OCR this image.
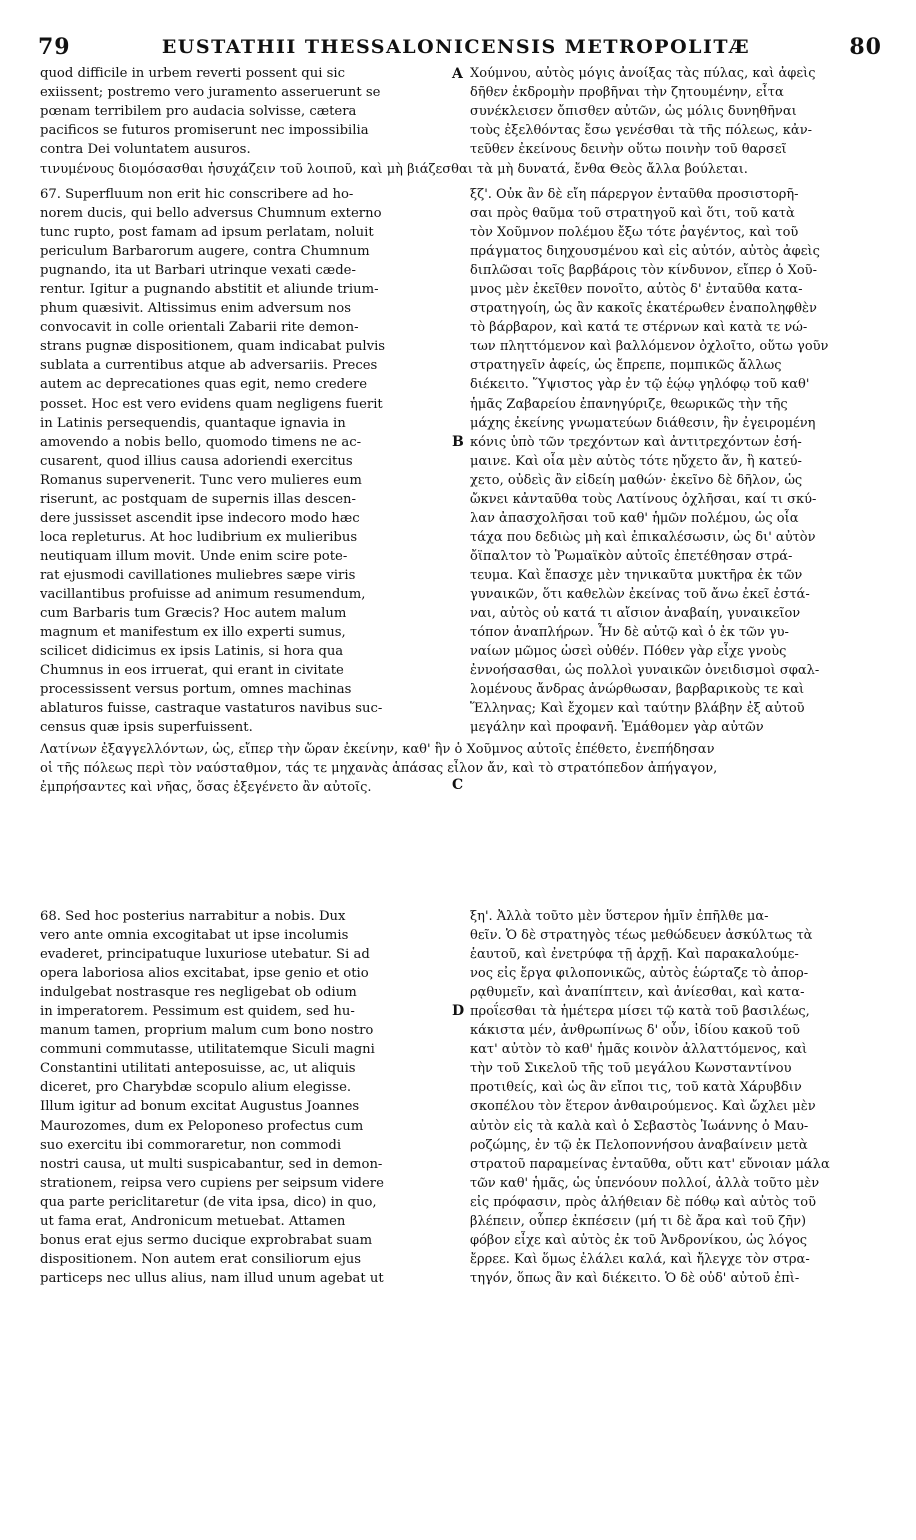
79	EUSTATHII THESSALONICENSIS METROPOLITÆ	80
quod difficile in urbem reverti possent qui sic
exiissent; postremo vero juramento asseruerunt se
pœnam terribilem pro audacia solvisse, cætera
pacificos se futuros promiserunt nec impossibilia
contra Dei voluntatem ausuros.
Χούμνου, αὐτὸς μόγις ἀνοίξας τὰς πύλας, καὶ ἀφεὶς
δῆθεν ἐκδρομὴν προβῆναι τὴν ζητουμένην, εἶτα
συνέκλεισεν ὄπισθεν αὐτῶν, ὡς μόλις δυνηθῆναι
τοὺς ἐξελθόντας ἔσω γενέσθαι τὰ τῆς πόλεως, κἀν-
τεῦθεν ἐκείνους δεινὴν οὕτω ποινὴν τοῦ θαρσεῖ
A
τινυμένους διομόσασθαι ἡσυχάζειν τοῦ λοιποῦ, καὶ μὴ βιάζεσθαι τὰ μὴ δυνατά, ἔνθα Θεὸς ἄλλα βούλεται.
67. Superfluum non erit hic conscribere ad ho-
norem ducis, qui bello adversus Chumnum externo
tunc rupto, post famam ad ipsum perlatam, noluit
periculum Barbarorum augere, contra Chumnum
pugnando, ita ut Barbari utrinque vexati cæde-
rentur. Igitur a pugnando abstitit et aliunde trium-
phum quæsivit. Altissimus enim adversum nos
convocavit in colle orientali Zabarii rite demon-
strans pugnæ dispositionem, quam indicabat pulvis
sublata a currentibus atque ab adversariis. Preces
autem ac deprecationes quas egit, nemo credere
posset. Hoc est vero evidens quam negligens fuerit
in Latinis persequendis, quantaque ignavia in
amovendo a nobis bello, quomodo timens ne ac-
cusarent, quod illius causa adoriendi exercitus
Romanus supervenerit. Tunc vero mulieres eum
riserunt, ac postquam de supernis illas descen-
dere jussisset ascendit ipse indecoro modo hæc
loca repleturus. At hoc ludibrium ex mulieribus
neutiquam illum movit. Unde enim scire pote-
rat ejusmodi cavillationes muliebres sæpe viris
vacillantibus profuisse ad animum resumendum,
cum Barbaris tum Græcis? Hoc autem malum
magnum et manifestum ex illo experti sumus,
scilicet didicimus ex ipsis Latinis, si hora qua
Chumnus in eos irruerat, qui erant in civitate
processissent versus portum, omnes machinas
ablaturos fuisse, castraque vastaturos navibus suc-
census quæ ipsis superfuissent.
ξζ'. Οὐκ ἂν δὲ εἴη πάρεργον ἐνταῦθα προσιστορῆ-
σαι πρὸς θαῦμα τοῦ στρατηγοῦ καὶ ὅτι, τοῦ κατὰ
τὸν Χοῦμνον πολέμου ἔξω τότε ῥαγέντος, καὶ τοῦ
πράγματος διηχουσμένου καὶ εἰς αὐτόν, αὐτὸς ἀφεὶς
διπλῶσαι τοῖς βαρβάροις τὸν κίνδυνον, εἴπερ ὁ Χοῦ-
μνος μὲν ἐκεῖθεν πονοῖτο, αὐτὸς δ' ἐνταῦθα κατα-
στρατηγοίη, ὡς ἂν κακοῖς ἑκατέρωθεν ἐναποληφθὲν
τὸ βάρβαρον, καὶ κατά τε στέρνων καὶ κατὰ τε νώ-
των πληττόμενον καὶ βαλλόμενον ὀχλοῖτο, οὕτω γοῦν
στρατηγεῖν ἀφείς, ὡς ἔπρεπε, πομπικῶς ἄλλως
διέκειτο. Ὕψιστος γὰρ ἐν τῷ ἑῴῳ γηλόφῳ τοῦ καθ'
ἡμᾶς Ζαβαρείου ἐπανηγύριζε, θεωρικῶς τὴν τῆς
μάχης ἐκείνης γνωματεύων διάθεσιν, ἣν ἐγειρομένη
κόνις ὑπὸ τῶν τρεχόντων καὶ ἀντιτρεχόντων ἐσή-
μαινε. Καὶ οἷα μὲν αὐτὸς τότε ηὔχετο ἄν, ἢ κατεύ-
χετο, οὐδεὶς ἂν εἰδείη μαθών· ἐκεῖνο δὲ δῆλον, ὡς
ὤκνει κἀνταῦθα τοὺς Λατίνους ὀχλῆσαι, καί τι σκύ-
λαν ἀπασχολῆσαι τοῦ καθ' ἡμῶν πολέμου, ὡς οἷα
τάχα που δεδιὼς μὴ καὶ ἐπικαλέσωσιν, ὡς δι' αὐτὸν
ὄϊπαλτον τὸ Ῥωμαϊκὸν αὐτοῖς ἐπετέθησαν στρά-
τευμα. Καὶ ἔπασχε μὲν τηνικαῦτα μυκτῆρα ἐκ τῶν
γυναικῶν, ὅτι καθελὼν ἐκείνας τοῦ ἄνω ἐκεῖ ἐστά-
ναι, αὐτὸς οὐ κατά τι αἴσιον ἀναβαίη, γυναικεῖον
τόπον ἀναπλήρων. Ἦν δὲ αὐτῷ καὶ ὁ ἐκ τῶν γυ-
ναίων μῶμος ὡσεὶ οὐθέν. Πόθεν γὰρ εἶχε γνοὺς
ἐννοήσασθαι, ὡς πολλοὶ γυναικῶν ὀνειδισμοὶ σφαλ-
λομένους ἄνδρας ἀνώρθωσαν, βαρβαρικοὺς τε καὶ
Ἕλληνας; Καὶ ἔχομεν καὶ ταύτην βλάβην ἐξ αὐτοῦ
μεγάλην καὶ προφανῆ. Ἐμάθομεν γὰρ αὐτῶν
B
C
Λατίνων ἐξαγγελλόντων, ὡς, εἴπερ τὴν ὥραν ἐκείνην, καθ' ἣν ὁ Χοῦμνος αὐτοῖς ἐπέθετο, ἐνεπήδησαν
οἱ τῆς πόλεως περὶ τὸν ναύσταθμον, τάς τε μηχανὰς ἁπάσας εἶλον ἄν, καὶ τὸ στρατόπεδον ἀπήγαγον,
ἐμπρήσαντες καὶ νῆας, ὅσας ἐξεγένετο ἂν αὐτοῖς.
68. Sed hoc posterius narrabitur a nobis. Dux
vero ante omnia excogitabat ut ipse incolumis
evaderet, principatuque luxuriose utebatur. Si ad
opera laboriosa alios excitabat, ipse genio et otio
indulgebat nostrasque res negligebat ob odium
in imperatorem. Pessimum est quidem, sed hu-
manum tamen, proprium malum cum bono nostro
communi commutasse, utilitatemque Siculi magni
Constantini utilitati anteposuisse, ac, ut aliquis
diceret, pro Charybdæ scopulo alium elegisse.
Illum igitur ad bonum excitat Augustus Joannes
Maurozomes, dum ex Peloponeso profectus cum
suo exercitu ibi commoraretur, non commodi
nostri causa, ut multi suspicabantur, sed in demon-
strationem, reipsa vero cupiens per seipsum videre
qua parte periclitaretur (de vita ipsa, dico) in quo,
ut fama erat, Andronicum metuebat. Attamen
bonus erat ejus sermo ducique exprobrabat suam
dispositionem. Non autem erat consiliorum ejus
particeps nec ullus alius, nam illud unum agebat ut
ξη'. Ἀλλὰ τοῦτο μὲν ὕστερον ἡμῖν ἐπῆλθε μα-
θεῖν. Ὁ δὲ στρατηγὸς τέως μεθώδευεν ἀσκύλτως τὰ
ἑαυτοῦ, καὶ ἐνετρύφα τῇ ἀρχῇ. Καὶ παρακαλούμε-
νος εἰς ἔργα φιλοπονικῶς, αὐτὸς ἑώρταζε τὸ ἀπορ-
ρᾳθυμεῖν, καὶ ἀναπίπτειν, καὶ ἀνίεσθαι, καὶ κατα-
προΐεσθαι τὰ ἡμέτερα μίσει τῷ κατὰ τοῦ βασιλέως,
κάκιστα μέν, ἀνθρωπίνως δ' οὖν, ἰδίου κακοῦ τοῦ
κατ' αὐτὸν τὸ καθ' ἡμᾶς κοινὸν ἀλλαττόμενος, καὶ
τὴν τοῦ Σικελοῦ τῆς τοῦ μεγάλου Κωνσταντίνου
προτιθείς, καὶ ὡς ἂν εἴποι τις, τοῦ κατὰ Χάρυβδιν
σκοπέλου τὸν ἕτερον ἀνθαιρούμενος. Καὶ ὤχλει μὲν
αὐτὸν εἰς τὰ καλὰ καὶ ὁ Σεβαστὸς Ἰωάννης ὁ Μαυ-
ροζώμης, ἐν τῷ ἐκ Πελοποννήσου ἀναβαίνειν μετὰ
στρατοῦ παραμείνας ἐνταῦθα, οὔτι κατ' εὔνοιαν μάλα
τῶν καθ' ἡμᾶς, ὡς ὑπενόουν πολλοί, ἀλλὰ τοῦτο μὲν
εἰς πρόφασιν, πρὸς ἀλήθειαν δὲ πόθῳ καὶ αὐτὸς τοῦ
βλέπειν, οὗπερ ἐκπέσειν (μή τι δὲ ἄρα καὶ τοῦ ζῆν)
φόβον εἶχε καὶ αὐτὸς ἐκ τοῦ Ἀνδρονίκου, ὡς λόγος
ἔρρεε. Καὶ ὅμως ἐλάλει καλά, καὶ ἤλεγχε τὸν στρα-
τηγόν, ὅπως ἂν καὶ διέκειτο. Ὁ δὲ οὐδ' αὐτοῦ ἐπὶ-
D
